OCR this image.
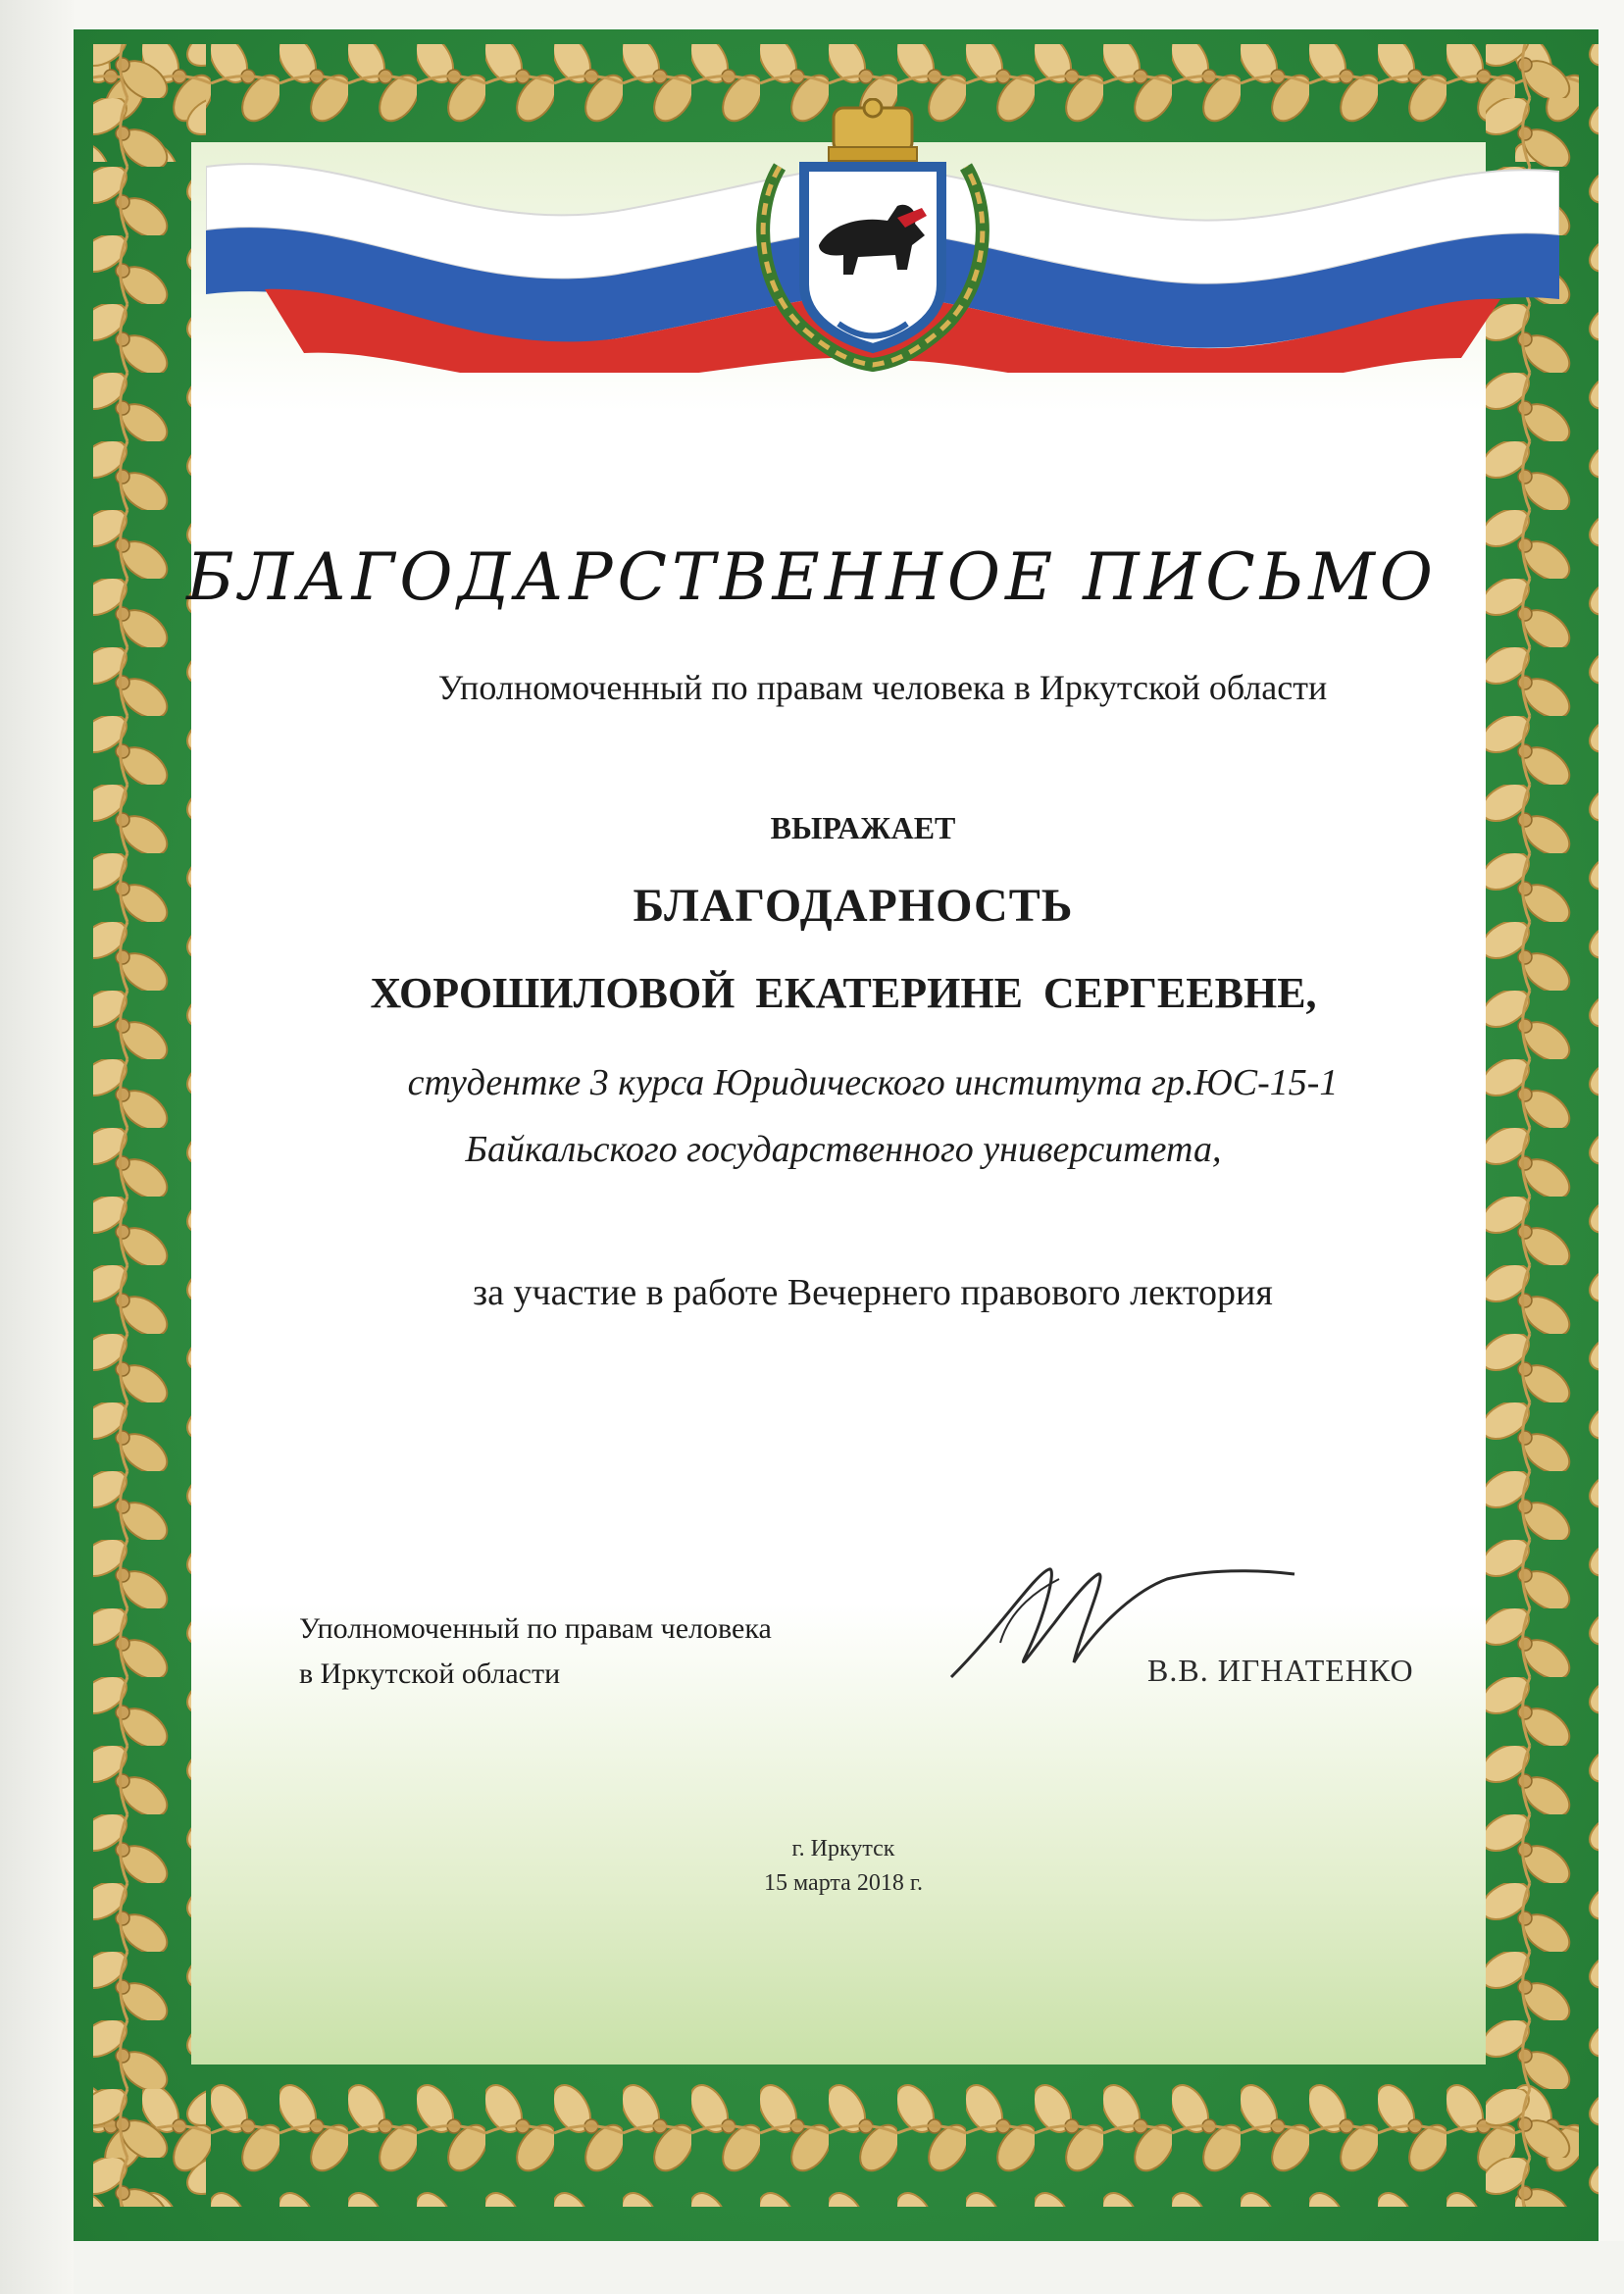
БЛАГОДАРСТВЕННОЕ ПИСЬМО

Уполномоченный по правам человека в Иркутской области

ВЫРАЖАЕТ

БЛАГОДАРНОСТЬ

ХОРОШИЛОВОЙ ЕКАТЕРИНЕ СЕРГЕЕВНЕ,

студентке 3 курса Юридического института гр.ЮС-15-1

Байкальского государственного университета,

за участие в работе Вечернего правового лектория

Уполномоченный по правам человека
в Иркутской области	В.В. ИГНАТЕНКО

г. Иркутск

15 марта 2018 г.
